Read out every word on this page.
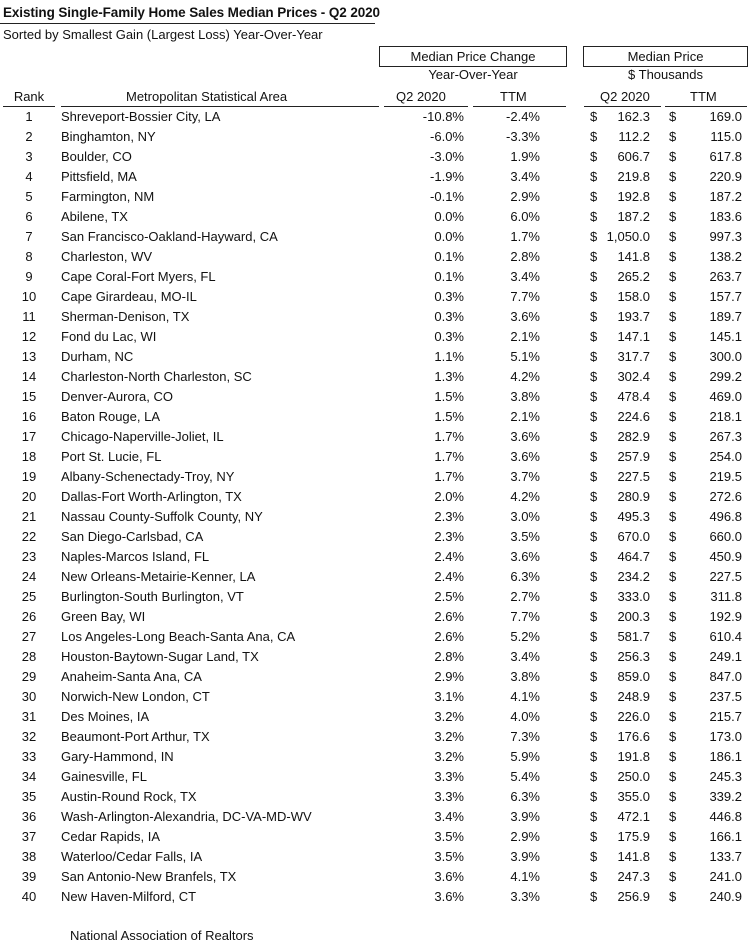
Existing Single-Family Home Sales Median Prices - Q2 2020
Sorted by Smallest Gain (Largest Loss) Year-Over-Year
Median Price Change
Year-Over-Year
Median Price
$ Thousands
Rank	Metropolitan Statistical Area	Q2 2020	TTM	Q2 2020	TTM
1	Shreveport-Bossier City, LA	-10.8%	-2.4%	$ 162.3 $	169.0
2	Binghamton, NY	-6.0%	-3.3%	$ 112.2 $	115.0
3	Boulder, CO	-3.0%	1.9%	$ 606.7 $	617.8
4	Pittsfield, MA	-1.9%	3.4%	$ 219.8 $	220.9
5	Farmington, NM	-0.1%	2.9%	$ 192.8 $	187.2
6	Abilene, TX	0.0%	6.0%	$ 187.2 $	183.6
7	San Francisco-Oakland-Hayward, CA	0.0%	1.7%	$ 1,050.0 $	997.3
8	Charleston, WV	0.1%	2.8%	$ 141.8 $	138.2
9	Cape Coral-Fort Myers, FL	0.1%	3.4%	$ 265.2 $	263.7
10	Cape Girardeau, MO-IL	0.3%	7.7%	$ 158.0 $	157.7
11	Sherman-Denison, TX	0.3%	3.6%	$ 193.7 $	189.7
12	Fond du Lac, WI	0.3%	2.1%	$ 147.1 $	145.1
13	Durham, NC	1.1%	5.1%	$ 317.7 $	300.0
14	Charleston-North Charleston, SC	1.3%	4.2%	$ 302.4 $	299.2
15	Denver-Aurora, CO	1.5%	3.8%	$ 478.4 $	469.0
16	Baton Rouge, LA	1.5%	2.1%	$ 224.6 $	218.1
17	Chicago-Naperville-Joliet, IL	1.7%	3.6%	$ 282.9 $	267.3
18	Port St. Lucie, FL	1.7%	3.6%	$ 257.9 $	254.0
19	Albany-Schenectady-Troy, NY	1.7%	3.7%	$ 227.5 $	219.5
20	Dallas-Fort Worth-Arlington, TX	2.0%	4.2%	$ 280.9 $	272.6
21	Nassau County-Suffolk County, NY	2.3%	3.0%	$ 495.3 $	496.8
22	San Diego-Carlsbad, CA	2.3%	3.5%	$ 670.0 $	660.0
23	Naples-Marcos Island, FL	2.4%	3.6%	$ 464.7 $	450.9
24	New Orleans-Metairie-Kenner, LA	2.4%	6.3%	$ 234.2 $	227.5
25	Burlington-South Burlington, VT	2.5%	2.7%	$ 333.0 $	311.8
26	Green Bay, WI	2.6%	7.7%	$ 200.3 $	192.9
27	Los Angeles-Long Beach-Santa Ana, CA	2.6%	5.2%	$ 581.7 $	610.4
28	Houston-Baytown-Sugar Land, TX	2.8%	3.4%	$ 256.3 $	249.1
29	Anaheim-Santa Ana, CA	2.9%	3.8%	$ 859.0 $	847.0
30	Norwich-New London, CT	3.1%	4.1%	$ 248.9 $	237.5
31	Des Moines, IA	3.2%	4.0%	$ 226.0 $	215.7
32	Beaumont-Port Arthur, TX	3.2%	7.3%	$ 176.6 $	173.0
33	Gary-Hammond, IN	3.2%	5.9%	$ 191.8 $	186.1
34	Gainesville, FL	3.3%	5.4%	$ 250.0 $	245.3
35	Austin-Round Rock, TX	3.3%	6.3%	$ 355.0 $	339.2
36	Wash-Arlington-Alexandria, DC-VA-MD-WV	3.4%	3.9%	$ 472.1 $	446.8
37	Cedar Rapids, IA	3.5%	2.9%	$ 175.9 $	166.1
38	Waterloo/Cedar Falls, IA	3.5%	3.9%	$ 141.8 $	133.7
39	San Antonio-New Branfels, TX	3.6%	4.1%	$ 247.3 $	241.0
40	New Haven-Milford, CT	3.6%	3.3%	$ 256.9 $	240.9
National Association of Realtors
